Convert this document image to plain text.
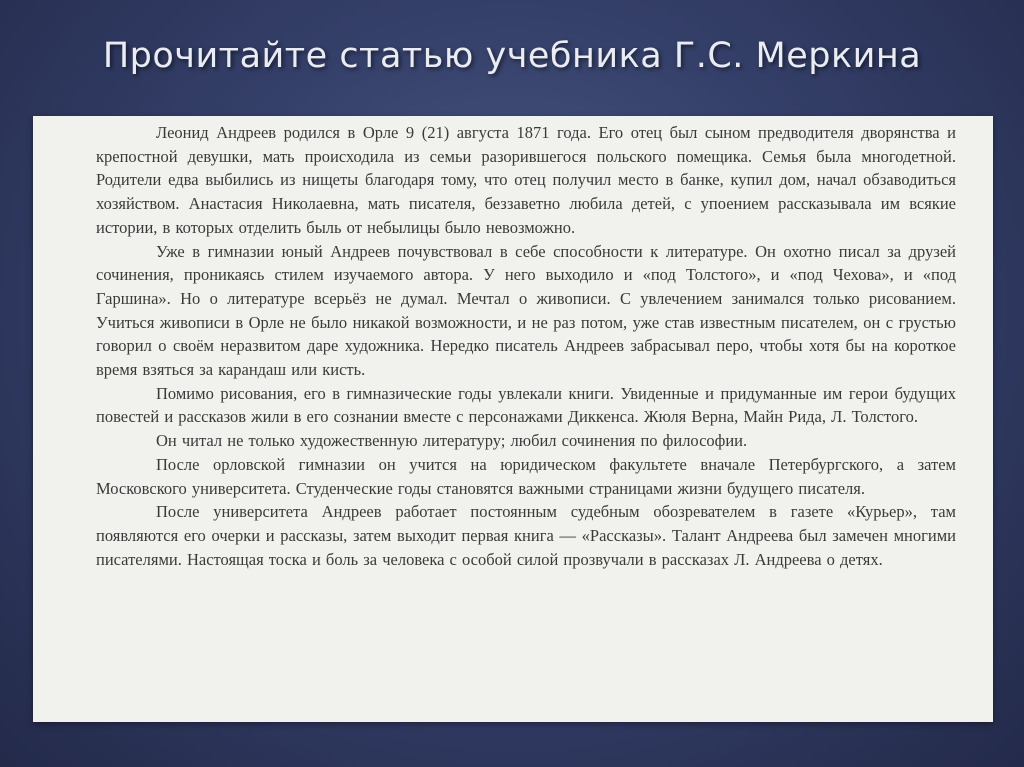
Прочитайте статью учебника Г.С. Меркина

Леонид Андреев родился в Орле 9 (21) августа 1871 года. Его отец был сыном предводителя дворянства и крепостной девушки, мать происходила из семьи разорившегося польского помещика. Семья была многодетной. Родители едва выбились из нищеты благодаря тому, что отец получил место в банке, купил дом, начал обзаводиться хозяйством. Анастасия Николаевна, мать писателя, беззаветно любила детей, с упоением рассказывала им всякие истории, в которых отделить быль от небылицы было невозможно.

Уже в гимназии юный Андреев почувствовал в себе способности к литературе. Он охотно писал за друзей сочинения, проникаясь стилем изучаемого автора. У него выходило и «под Толстого», и «под Чехова», и «под Гаршина». Но о литературе всерьёз не думал. Мечтал о живописи. С увлечением занимался только рисованием. Учиться живописи в Орле не было никакой возможности, и не раз потом, уже став известным писателем, он с грустью говорил о своём неразвитом даре художника. Нередко писатель Андреев забрасывал перо, чтобы хотя бы на короткое время взяться за карандаш или кисть.

Помимо рисования, его в гимназические годы увлекали книги. Увиденные и придуманные им герои будущих повестей и рассказов жили в его сознании вместе с персонажами Диккенса. Жюля Верна, Майн Рида, Л. Толстого.

Он читал не только художественную литературу; любил сочинения по философии.

После орловской гимназии он учится на юридическом факультете вначале Петербургского, а затем Московского университета. Студенческие годы становятся важными страницами жизни будущего писателя.

После университета Андреев работает постоянным судебным обозревателем в газете «Курьер», там появляются его очерки и рассказы, затем выходит первая книга — «Рассказы». Талант Андреева был замечен многими писателями. Настоящая тоска и боль за человека с особой силой прозвучали в рассказах Л. Андреева о детях.
